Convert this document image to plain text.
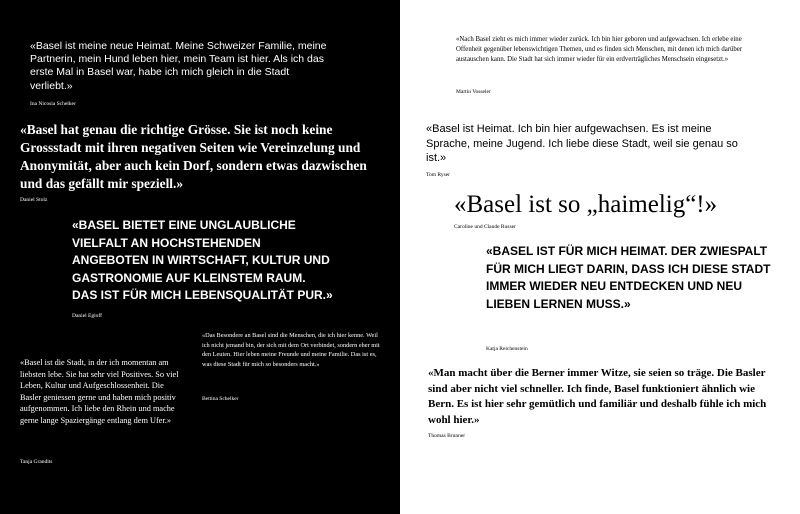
«Basel ist meine neue Heimat. Meine Schweizer Familie, meine Partnerin, mein Hund leben hier, mein Team ist hier. Als ich das erste Mal in Basel war, habe ich mich gleich in die Stadt verliebt.»

Ina Nicosia Schelker

«Basel hat genau die richtige Grösse. Sie ist noch keine Grossstadt mit ihren negativen Seiten wie Vereinzelung und Anonymität, aber auch kein Dorf, sondern etwas dazwischen und das gefällt mir speziell.»

Daniel Stolz

«BASEL BIETET EINE UNGLAUBLICHE VIELFALT AN HOCHSTEHENDEN ANGEBOTEN IN WIRTSCHAFT, KULTUR UND GASTRONOMIE AUF KLEINSTEM RAUM. DAS IST FÜR MICH LEBENSQUALITÄT PUR.»

Daniel Egloff

«Basel ist die Stadt, in der ich momentan am liebsten lebe. Sie hat sehr viel Positives. So viel Leben, Kultur und Aufgeschlossenheit. Die Basler geniessen gerne und haben mich positiv aufgenommen. Ich liebe den Rhein und mache gerne lange Spaziergänge entlang dem Ufer.»

Tanja Grandits

«Das Besondere an Basel sind die Menschen, die ich hier kenne. Weil ich nicht jemand bin, der sich mit dem Ort verbindet, sondern eher mit den Leuten. Hier leben meine Freunde und meine Familie. Das ist es, was diese Stadt für mich so besonders macht.»

Bettina Schelker

«Nach Basel zieht es mich immer wieder zurück. Ich bin hier geboren und aufgewachsen. Ich erlebe eine Offenheit gegenüber lebenswichtigen Themen, und es finden sich Menschen, mit denen ich mich darüber austauschen kann. Die Stadt hat sich immer wieder für ein erdverträgliches Menschsein eingesetzt.»

Martin Vosseler

«Basel ist Heimat. Ich bin hier aufgewachsen. Es ist meine Sprache, meine Jugend. Ich liebe diese Stadt, weil sie genau so ist.»

Tom Ryser

«Basel ist so „haimelig“!»

Caroline und Claude Russer

«BASEL IST FÜR MICH HEIMAT. DER ZWIESPALT FÜR MICH LIEGT DARIN, DASS ICH DIESE STADT IMMER WIEDER NEU ENTDECKEN UND NEU LIEBEN LERNEN MUSS.»

Katja Reichenstein

«Man macht über die Berner immer Witze, sie seien so träge. Die Basler sind aber nicht viel schneller. Ich finde, Basel funktioniert ähnlich wie Bern. Es ist hier sehr gemütlich und familiär und deshalb fühle ich mich wohl hier.»

Thomas Brunner
